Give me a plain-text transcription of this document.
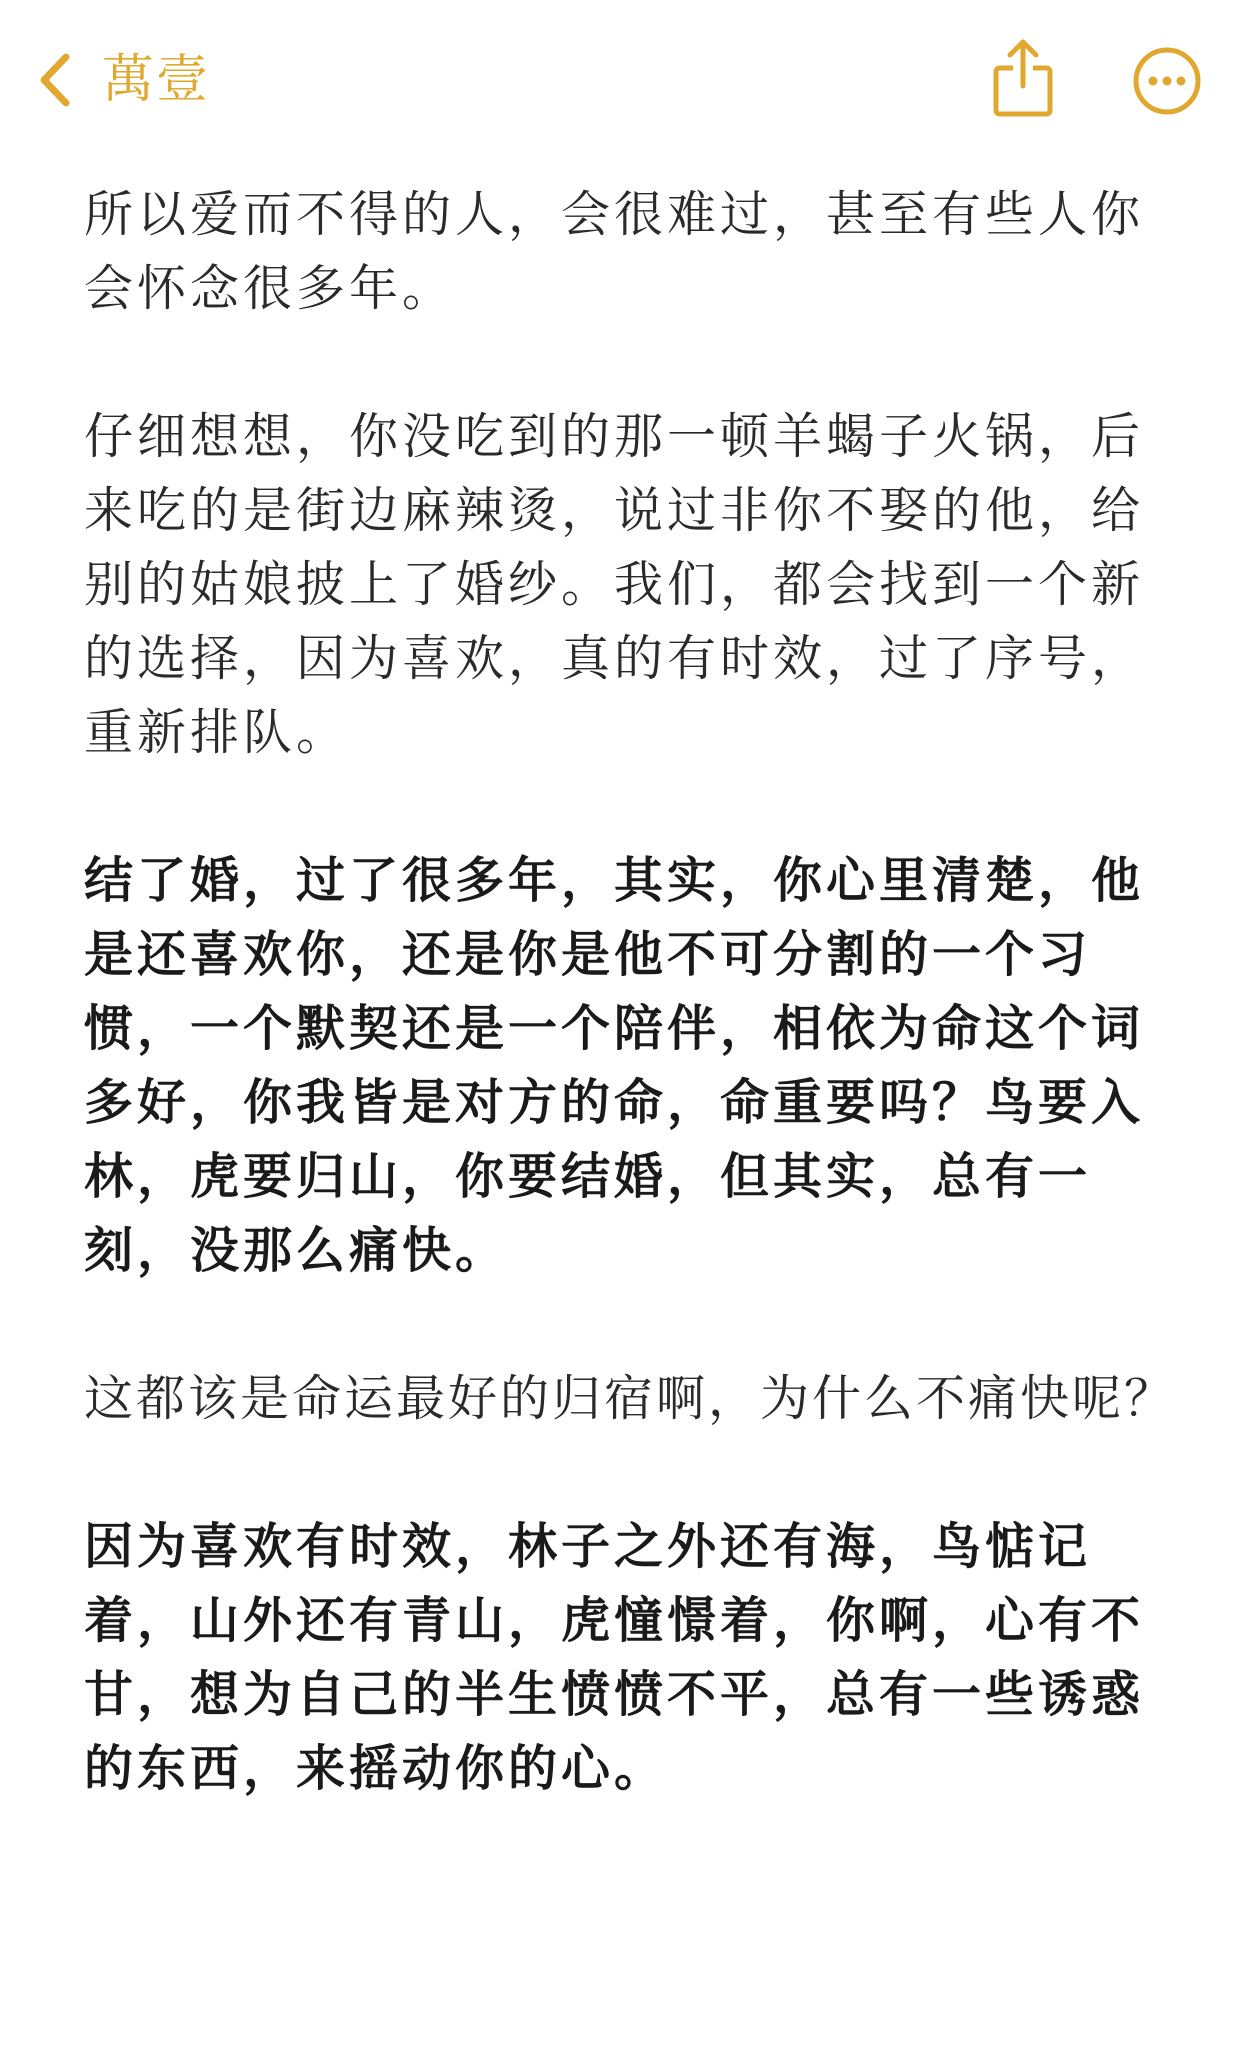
萬壹

所以爱而不得的人，会很难过，甚至有些人你会怀念很多年。

仔细想想，你没吃到的那一顿羊蝎子火锅，后来吃的是街边麻辣烫，说过非你不娶的他，给别的姑娘披上了婚纱。我们，都会找到一个新的选择，因为喜欢，真的有时效，过了序号，重新排队。

结了婚，过了很多年，其实，你心里清楚，他是还喜欢你，还是你是他不可分割的一个习惯，一个默契还是一个陪伴，相依为命这个词多好，你我皆是对方的命，命重要吗？鸟要入林，虎要归山，你要结婚，但其实，总有一刻，没那么痛快。

这都该是命运最好的归宿啊，为什么不痛快呢？

因为喜欢有时效，林子之外还有海，鸟惦记着，山外还有青山，虎憧憬着，你啊，心有不甘，想为自己的半生愤愤不平，总有一些诱惑的东西，来摇动你的心。
